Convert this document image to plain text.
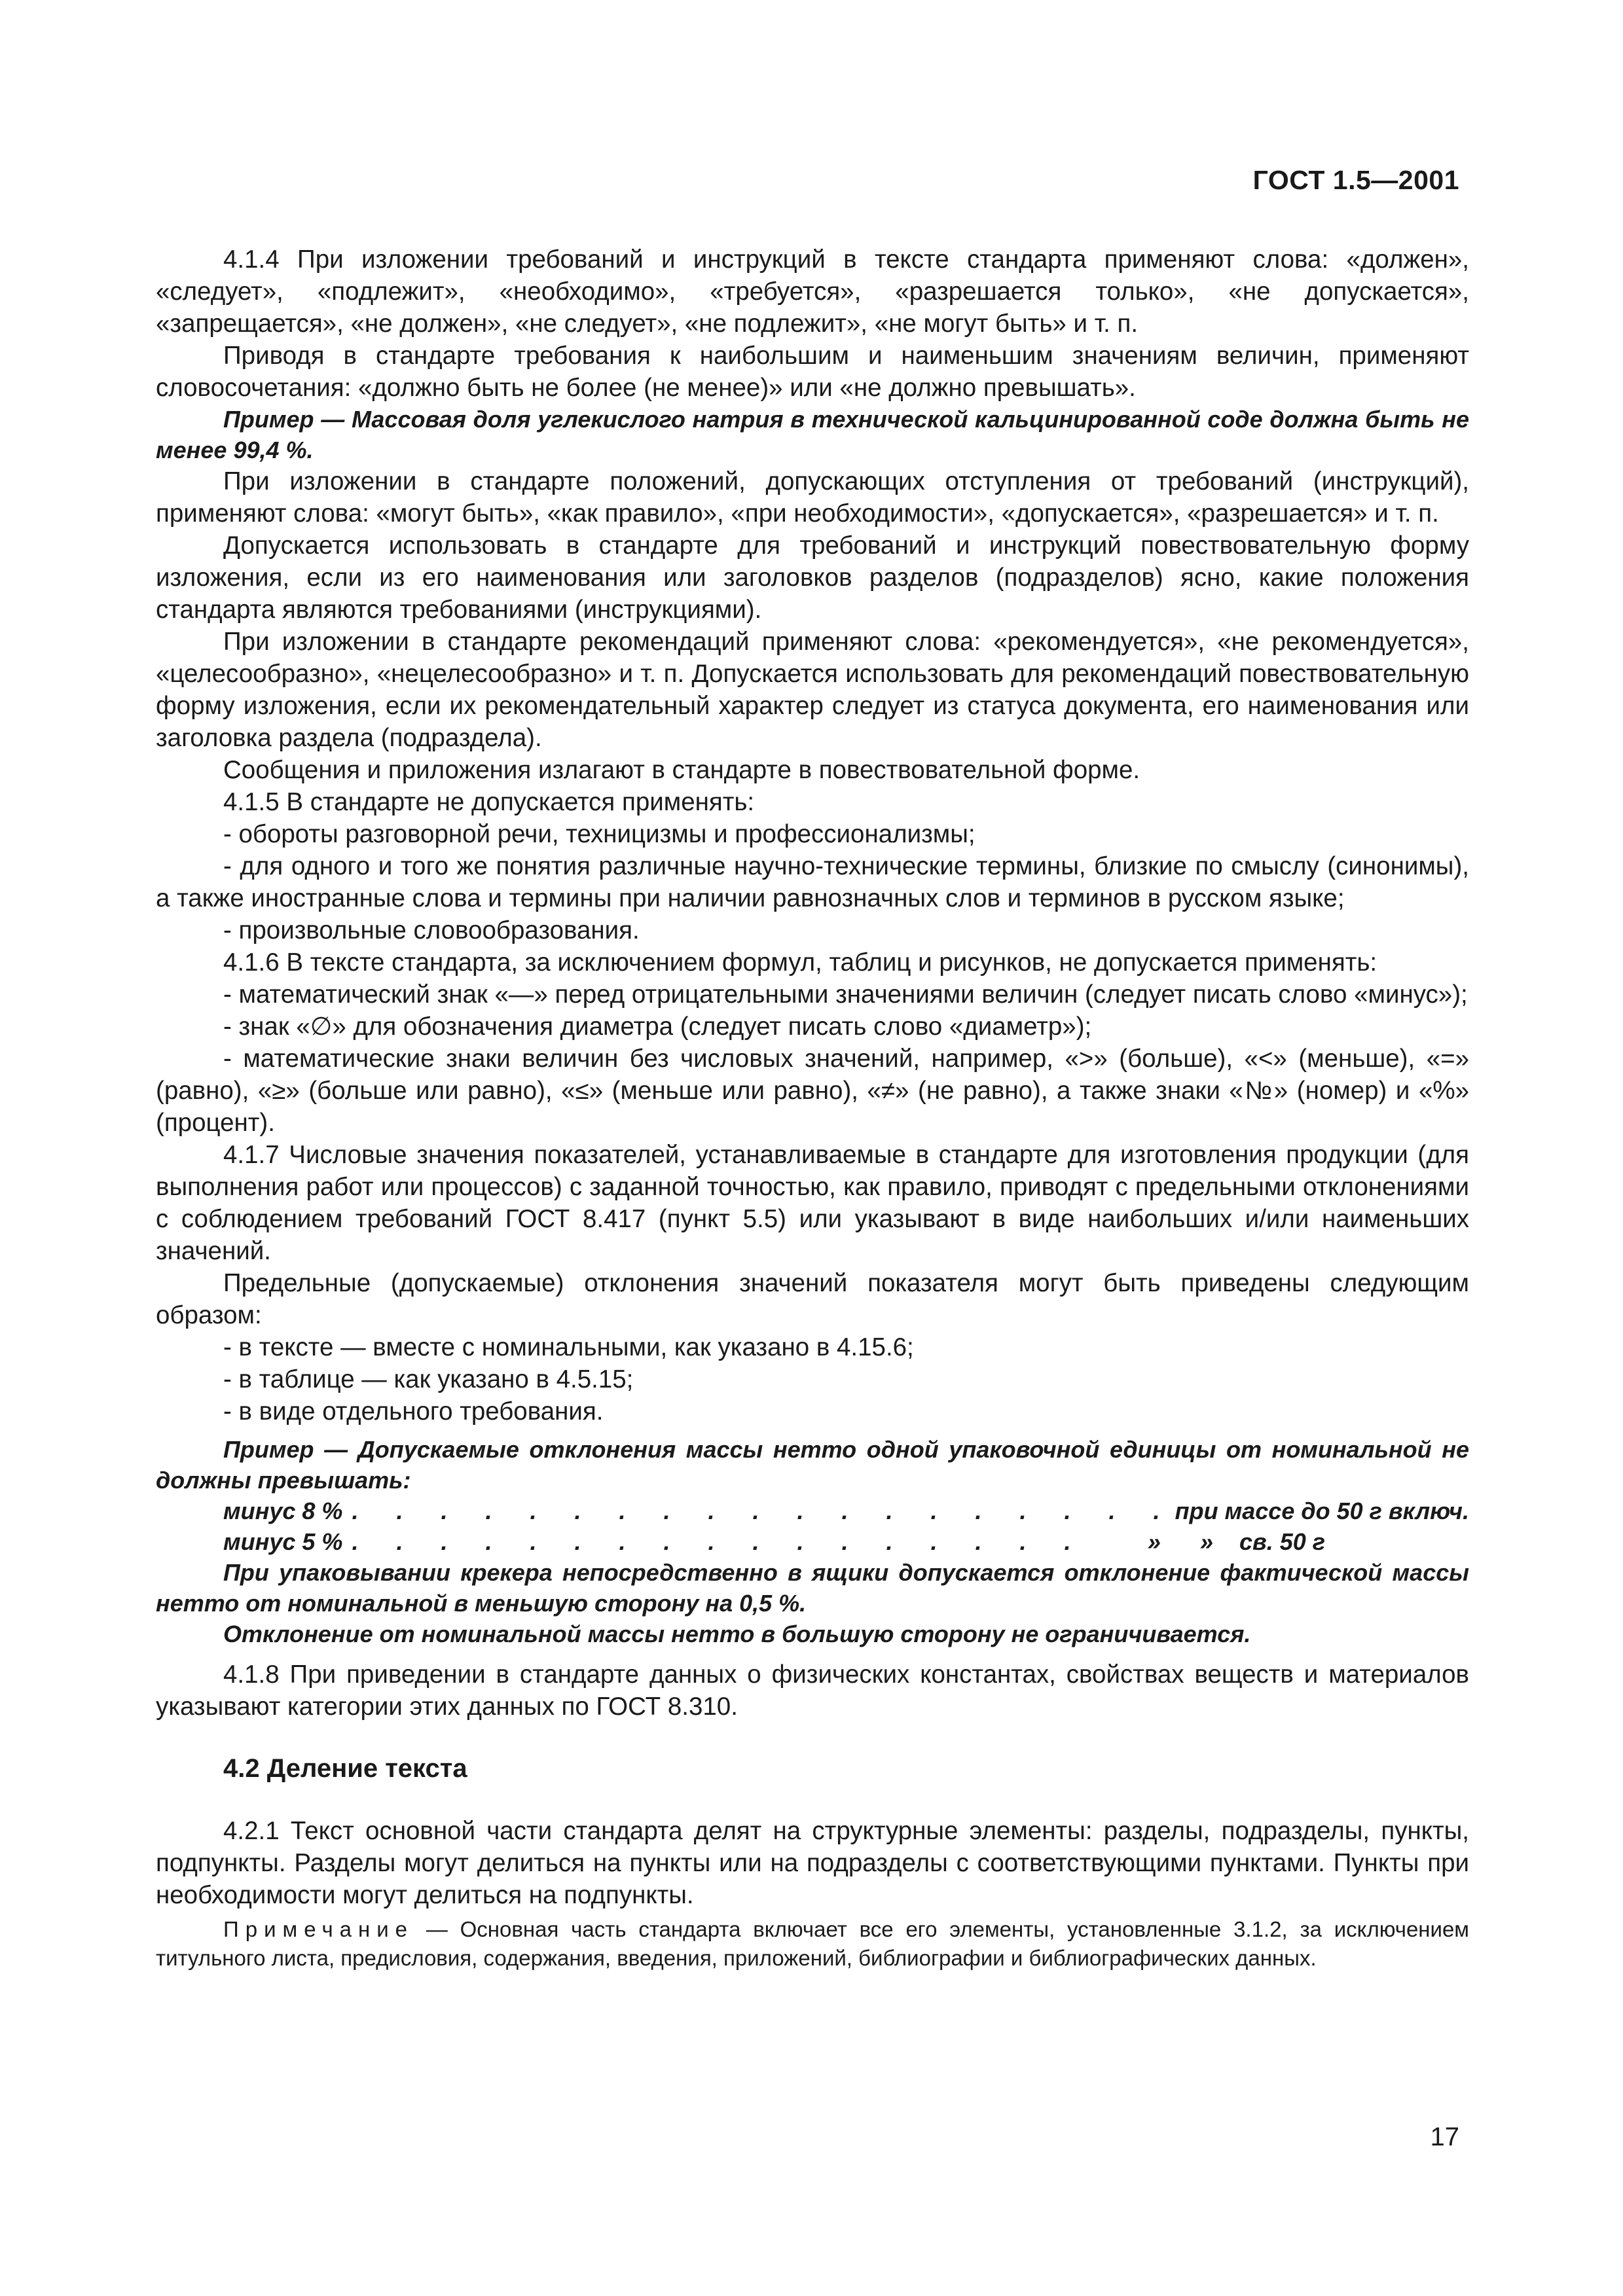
ГОСТ 1.5—2001

4.1.4 При изложении требований и инструкций в тексте стандарта применяют слова: «должен», «следует», «подлежит», «необходимо», «требуется», «разрешается только», «не допускается», «запрещается», «не должен», «не следует», «не подлежит», «не могут быть» и т. п.

Приводя в стандарте требования к наибольшим и наименьшим значениям величин, применяют словосочетания: «должно быть не более (не менее)» или «не должно превышать».

Пример — Массовая доля углекислого натрия в технической кальцинированной соде должна быть не менее 99,4 %.

При изложении в стандарте положений, допускающих отступления от требований (инструкций), применяют слова: «могут быть», «как правило», «при необходимости», «допускается», «разрешается» и т. п.

Допускается использовать в стандарте для требований и инструкций повествовательную форму изложения, если из его наименования или заголовков разделов (подразделов) ясно, какие положения стандарта являются требованиями (инструкциями).

При изложении в стандарте рекомендаций применяют слова: «рекомендуется», «не рекомендуется», «целесообразно», «нецелесообразно» и т. п. Допускается использовать для рекомендаций повествовательную форму изложения, если их рекомендательный характер следует из статуса документа, его наименования или заголовка раздела (подраздела).

Сообщения и приложения излагают в стандарте в повествовательной форме.

4.1.5 В стандарте не допускается применять:

- обороты разговорной речи, техницизмы и профессионализмы;

- для одного и того же понятия различные научно-технические термины, близкие по смыслу (синонимы), а также иностранные слова и термины при наличии равнозначных слов и терминов в русском языке;

- произвольные словообразования.

4.1.6 В тексте стандарта, за исключением формул, таблиц и рисунков, не допускается применять:

- математический знак «—» перед отрицательными значениями величин (следует писать слово «минус»);

- знак «∅» для обозначения диаметра (следует писать слово «диаметр»);

- математические знаки величин без числовых значений, например, «>» (больше), «<» (меньше), «=» (равно), «≥» (больше или равно), «≤» (меньше или равно), «≠» (не равно), а также знаки «№» (номер) и «%» (процент).

4.1.7 Числовые значения показателей, устанавливаемые в стандарте для изготовления продукции (для выполнения работ или процессов) с заданной точностью, как правило, приводят с предельными отклонениями с соблюдением требований ГОСТ 8.417 (пункт 5.5) или указывают в виде наибольших и/или наименьших значений.

Предельные (допускаемые) отклонения значений показателя могут быть приведены следующим образом:

- в тексте — вместе с номинальными, как указано в 4.15.6;

- в таблице — как указано в 4.5.15;

- в виде отдельного требования.

Пример — Допускаемые отклонения массы нетто одной упаковочной единицы от номинальной не должны превышать:

минус 8 % . . .	при массе до 50 г включ.
минус 5 % . . .	»      »    св. 50 г

При упаковывании крекера непосредственно в ящики допускается отклонение фактической массы нетто от номинальной в меньшую сторону на 0,5 %.

Отклонение от номинальной массы нетто в большую сторону не ограничивается.

4.1.8 При приведении в стандарте данных о физических константах, свойствах веществ и материалов указывают категории этих данных по ГОСТ 8.310.

4.2 Деление текста

4.2.1 Текст основной части стандарта делят на структурные элементы: разделы, подразделы, пункты, подпункты. Разделы могут делиться на пункты или на подразделы с соответствующими пунктами. Пункты при необходимости могут делиться на подпункты.

Примечание — Основная часть стандарта включает все его элементы, установленные 3.1.2, за исключением титульного листа, предисловия, содержания, введения, приложений, библиографии и библиографических данных.

17
